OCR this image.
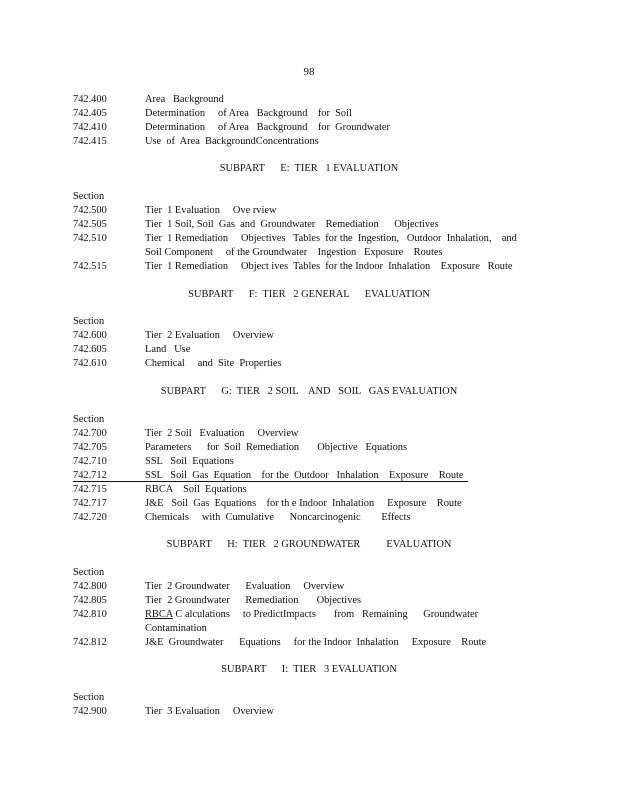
98
742.400	Area   Background
742.405	Determination     of Area   Background    for  Soil
742.410	Determination     of Area   Background    for  Groundwater
742.415	Use  of  Area  BackgroundConcentrations
SUBPART      E:  TIER   1 EVALUATION
Section
742.500	Tier  1 Evaluation     Ove rview
742.505	Tier  1 Soil, Soil  Gas  and  Groundwater    Remediation      Objectives
742.510	Tier  1 Remediation     Objectives   Tables  for the  Ingestion,   Outdoor  Inhalation,    and
Soil Component     of the Groundwater    Ingestion   Exposure    Routes
742.515	Tier  1 Remediation     Object ives  Tables  for the Indoor  Inhalation    Exposure   Route
SUBPART      F:  TIER   2 GENERAL      EVALUATION
Section
742.600	Tier  2 Evaluation     Overview
742.605	Land   Use
742.610	Chemical     and  Site  Properties
SUBPART      G:  TIER   2 SOIL    AND   SOIL   GAS EVALUATION
Section
742.700	Tier  2 Soil   Evaluation     Overview
742.705	Parameters      for  Soil  Remediation       Objective   Equations
742.710	SSL   Soil  Equations
742.712	SSL   Soil  Gas  Equation    for the  Outdoor   Inhalation    Exposure    Route
742.715	RBCA    Soil  Equations
742.717	J&E   Soil  Gas  Equations    for th e Indoor  Inhalation     Exposure    Route
742.720	Chemicals     with  Cumulative      Noncarcinogenic        Effects
SUBPART      H:  TIER   2 GROUNDWATER          EVALUATION
Section
742.800	Tier  2 Groundwater      Evaluation     Overview
742.805	Tier  2 Groundwater      Remediation       Objectives
742.810	RBCA C alculations     to PredictImpacts       from   Remaining      Groundwater
Contamination
742.812	J&E  Groundwater      Equations     for the Indoor  Inhalation     Exposure    Route
SUBPART      I:  TIER   3 EVALUATION
Section
742.900	Tier  3 Evaluation     Overview
